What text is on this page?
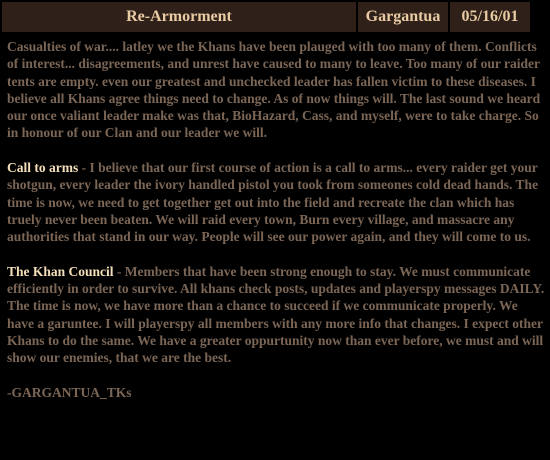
Re-Armorment	Gargantua	05/16/01

Casualties of war.... latley we the Khans have been plauged with too many of them. Conflicts of interest... disagreements, and unrest have caused to many to leave. Too many of our raider tents are empty. even our greatest and unchecked leader has fallen victim to these diseases. I believe all Khans agree things need to change. As of now things will. The last sound we heard our once valiant leader make was that, BioHazard, Cass, and myself, were to take charge. So in honour of our Clan and our leader we will.

Call to arms - I believe that our first course of action is a call to arms... every raider get your shotgun, every leader the ivory handled pistol you took from someones cold dead hands. The time is now, we need to get together get out into the field and recreate the clan which has truely never been beaten. We will raid every town, Burn every village, and massacre any authorities that stand in our way. People will see our power again, and they will come to us.

The Khan Council - Members that have been strong enough to stay. We must communicate efficiently in order to survive. All khans check posts, updates and playerspy messages DAILY. The time is now, we have more than a chance to succeed if we communicate properly. We have a garuntee. I will playerspy all members with any more info that changes. I expect other Khans to do the same. We have a greater oppurtunity now than ever before, we must and will show our enemies, that we are the best.

-GARGANTUA_TKs
